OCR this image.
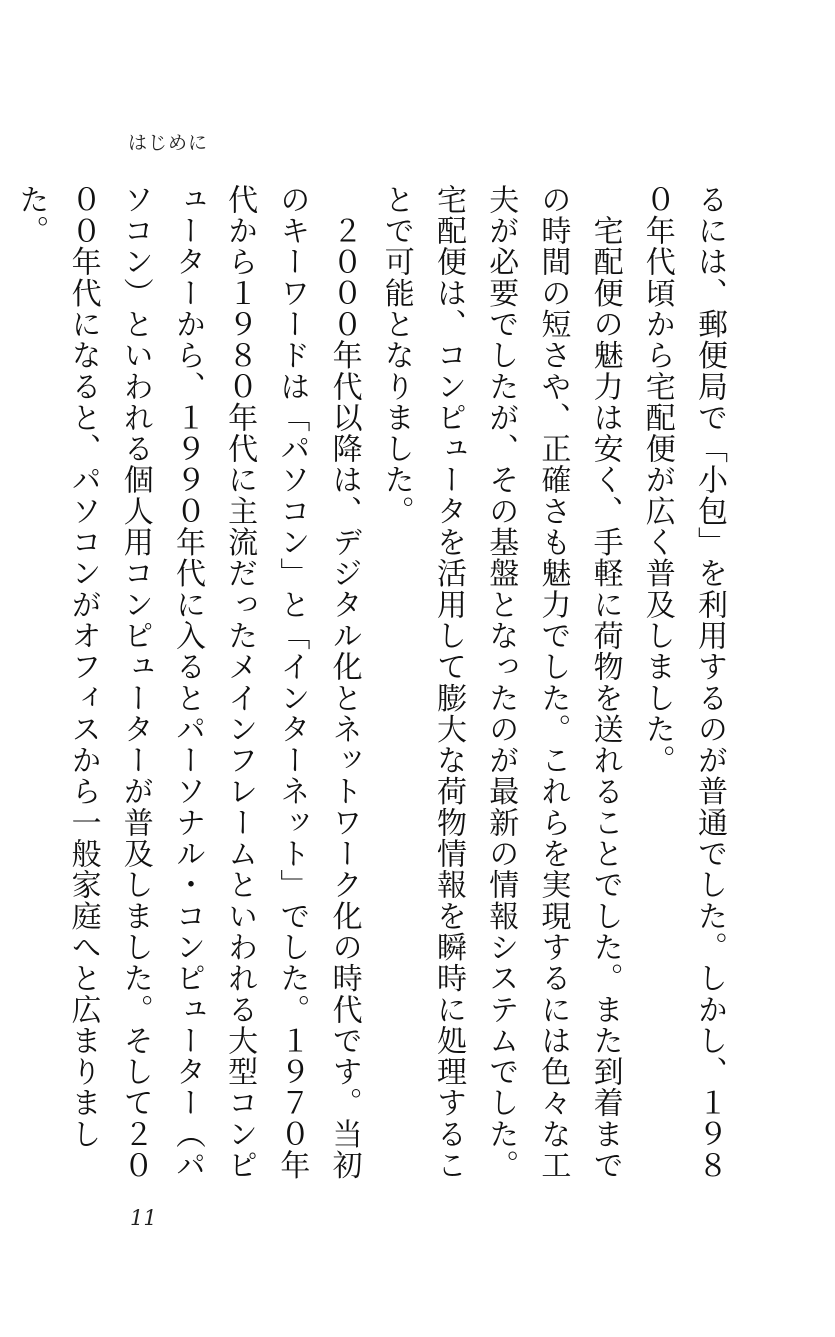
はじめに

るには、郵便局で「小包」を利用するのが普通でした。しかし、１９８０年代頃から宅配便が広く普及しました。

　宅配便の魅力は安く、手軽に荷物を送れることでした。また到着までの時間の短さや、正確さも魅力でした。これらを実現するには色々な工夫が必要でしたが、その基盤となったのが最新の情報システムでした。宅配便は、コンピュータを活用して膨大な荷物情報を瞬時に処理することで可能となりました。

　２０００年代以降は、デジタル化とネットワーク化の時代です。当初のキーワードは「パソコン」と「インターネット」でした。１９７０年代から１９８０年代に主流だったメインフレームといわれる大型コンピューターから、１９９０年代に入るとパーソナル・コンピューター（パソコン）といわれる個人用コンピューターが普及しました。そして２０００年代になると、パソコンがオフィスから一般家庭へと広まりました。

11
